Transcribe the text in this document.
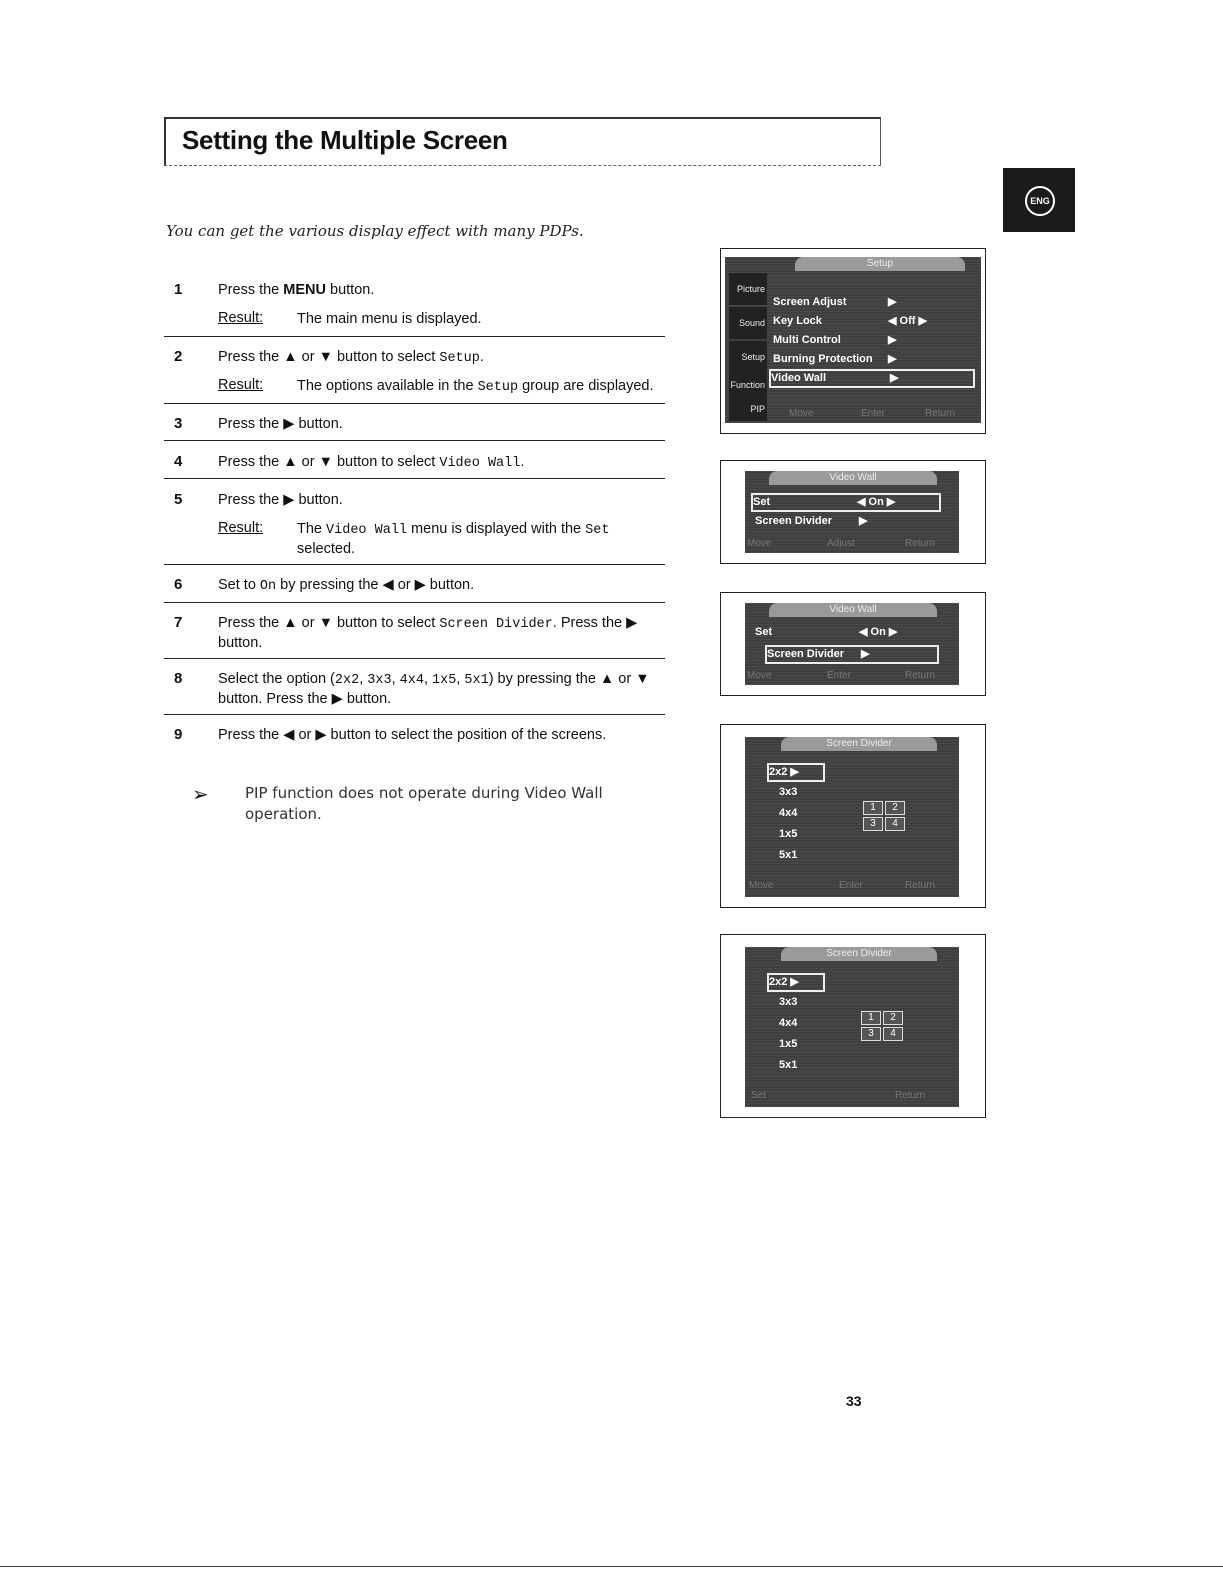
Setting the Multiple Screen
ENG
You can get the various display effect with many PDPs.
1 Press the MENU button.
Result: The main menu is displayed.
2 Press the ▲ or ▼ button to select Setup.
Result: The options available in the Setup group are displayed.
3 Press the ▶ button.
4 Press the ▲ or ▼ button to select Video Wall.
5 Press the ▶ button.
Result: The Video Wall menu is displayed with the Set
selected.
6 Set to On by pressing the ◀ or ▶ button.
7 Press the ▲ or ▼ button to select Screen Divider. Press the ▶ button.
8 Select the option (2x2, 3x3, 4x4, 1x5, 5x1) by pressing the ▲ or ▼ button. Press the ▶ button.
9 Press the ◀ or ▶ button to select the position of the screens.
➢ PIP function does not operate during Video Wall operation.
Setup
Picture
Sound
Setup
Function
PIP
Screen Adjust	▶
Key Lock	◀ Off ▶
Multi Control	▶
Burning Protection ▶
Video Wall	▶
Move	Enter	Return
Video Wall
Set	◀ On ▶
Screen Divider ▶
Move	Adjust	Return
Video Wall
Set	◀ On ▶
Screen Divider ▶
Move	Enter	Return
Screen Divider
2x2 ▶
3x3
4x4
1x5
5x1
1	2
3	4
Move	Enter	Return
Screen Divider
2x2 ▶
3x3
4x4
1x5
5x1
1	2
3	4
Set	Return
33
